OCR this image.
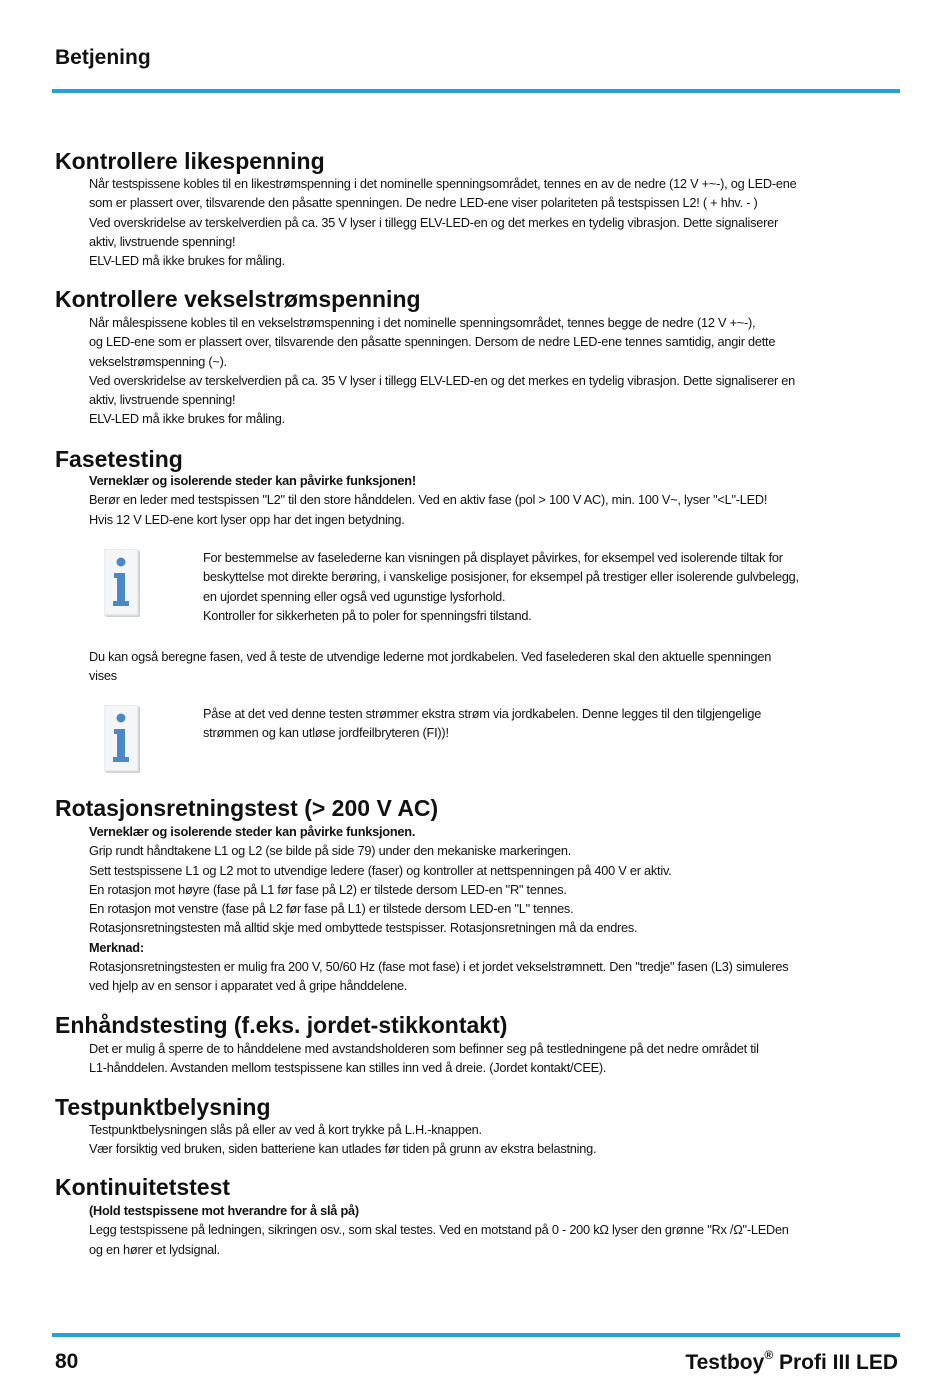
Betjening
Kontrollere likespenning
Når testspissene kobles til en likestrømspenning i det nominelle spenningsområdet, tennes en av de nedre (12 V +~-), og LED-ene
som er plassert over, tilsvarende den påsatte spenningen. De nedre LED-ene viser polariteten på testspissen L2! ( + hhv. - )
Ved overskridelse av terskelverdien på ca. 35 V lyser i tillegg ELV-LED-en og det merkes en tydelig vibrasjon. Dette signaliserer
aktiv, livstruende spenning!
ELV-LED må ikke brukes for måling.
Kontrollere vekselstrømspenning
Når målespissene kobles til en vekselstrømspenning i det nominelle spenningsområdet, tennes begge de nedre (12 V +~-),
og LED-ene som er plassert over, tilsvarende den påsatte spenningen. Dersom de nedre LED-ene tennes samtidig, angir dette
vekselstrømspenning (~).
Ved overskridelse av terskelverdien på ca. 35 V lyser i tillegg ELV-LED-en og det merkes en tydelig vibrasjon. Dette signaliserer en
aktiv, livstruende spenning!
ELV-LED må ikke brukes for måling.
Fasetesting
Verneklær og isolerende steder kan påvirke funksjonen!
Berør en leder med testspissen "L2" til den store hånddelen. Ved en aktiv fase (pol > 100 V AC), min. 100 V~, lyser "<L"-LED!
Hvis 12 V LED-ene kort lyser opp har det ingen betydning.
For bestemmelse av faselederne kan visningen på displayet påvirkes, for eksempel ved isolerende tiltak for
beskyttelse mot direkte berøring, i vanskelige posisjoner, for eksempel på trestiger eller isolerende gulvbelegg,
en ujordet spenning eller også ved ugunstige lysforhold.
Kontroller for sikkerheten på to poler for spenningsfri tilstand.
Du kan også beregne fasen, ved å teste de utvendige lederne mot jordkabelen. Ved faselederen skal den aktuelle spenningen
vises
Påse at det ved denne testen strømmer ekstra strøm via jordkabelen. Denne legges til den tilgjengelige
strømmen og kan utløse jordfeilbryteren (FI))!
Rotasjonsretningstest (> 200 V AC)
Verneklær og isolerende steder kan påvirke funksjonen.
Grip rundt håndtakene L1 og L2 (se bilde på side 79) under den mekaniske markeringen.
Sett testspissene L1 og L2 mot to utvendige ledere (faser) og kontroller at nettspenningen på 400 V er aktiv.
En rotasjon mot høyre (fase på L1 før fase på L2) er tilstede dersom LED-en "R" tennes.
En rotasjon mot venstre (fase på L2 før fase på L1) er tilstede dersom LED-en "L" tennes.
Rotasjonsretningstesten må alltid skje med ombyttede testspisser. Rotasjonsretningen må da endres.
Merknad:
Rotasjonsretningstesten er mulig fra 200 V, 50/60 Hz (fase mot fase) i et jordet vekselstrømnett. Den "tredje" fasen (L3) simuleres
ved hjelp av en sensor i apparatet ved å gripe hånddelene.
Enhåndstesting (f.eks. jordet-stikkontakt)
Det er mulig å sperre de to hånddelene med avstandsholderen som befinner seg på testledningene på det nedre området til
L1-hånddelen. Avstanden mellom testspissene kan stilles inn ved å dreie. (Jordet kontakt/CEE).
Testpunktbelysning
Testpunktbelysningen slås på eller av ved å kort trykke på L.H.-knappen.
Vær forsiktig ved bruken, siden batteriene kan utlades før tiden på grunn av ekstra belastning.
Kontinuitetstest
(Hold testspissene mot hverandre for å slå på)
Legg testspissene på ledningen, sikringen osv., som skal testes. Ved en motstand på 0 - 200 kΩ lyser den grønne "Rx /Ω"-LEDen
og en hører et lydsignal.
80	Testboy® Profi III LED
